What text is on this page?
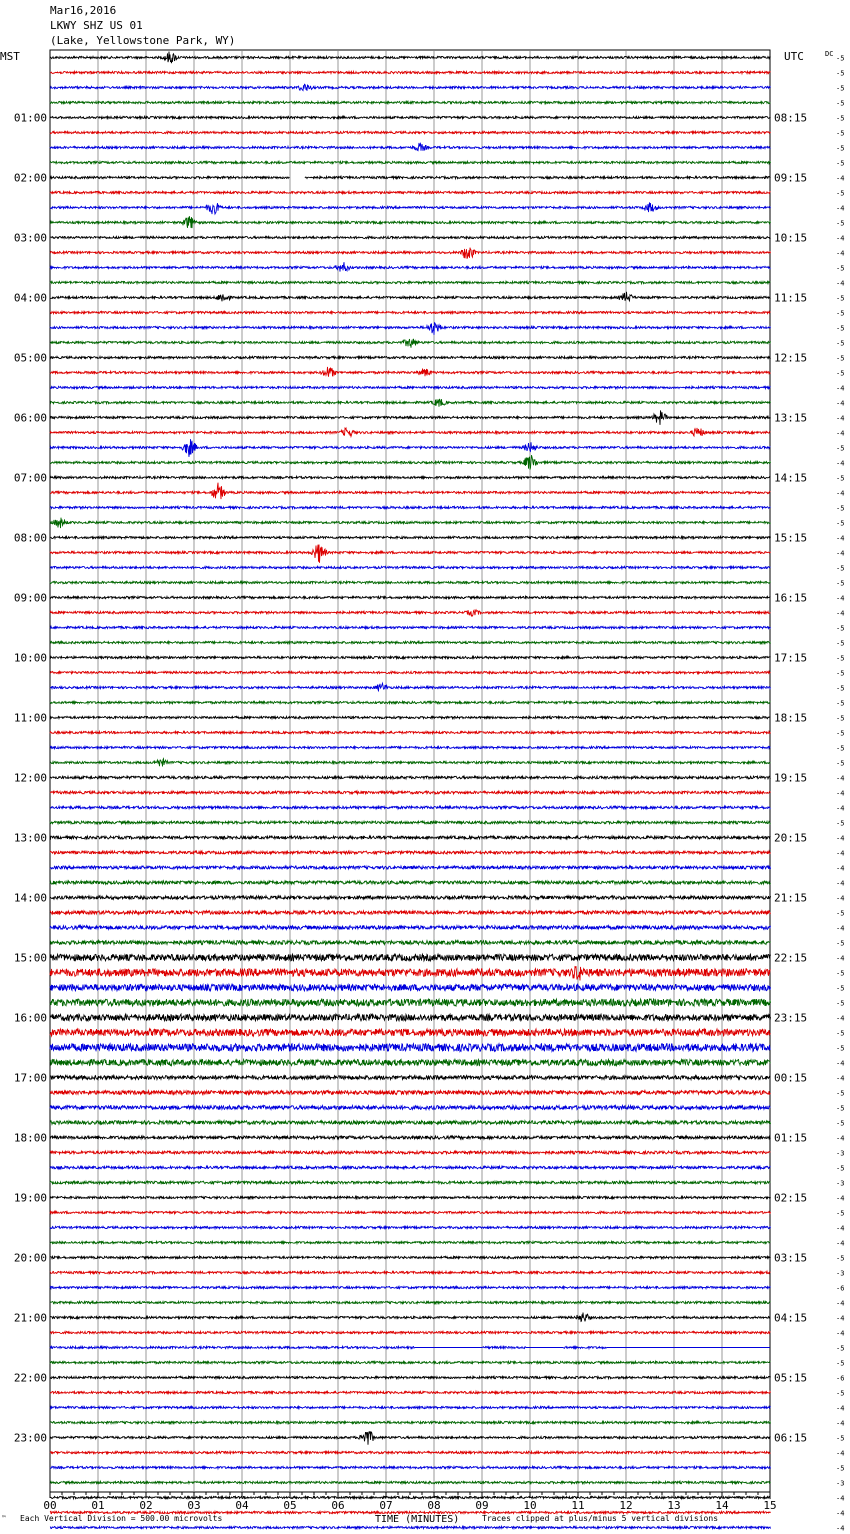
Mar16,2016
LKWY SHZ US 01
(Lake, Yellowstone Park, WY)
MST	UTC	DC
01:00
02:00
03:00
04:00
05:00
06:00
07:00
08:00
09:00
10:00
11:00
12:00
13:00
14:00
15:00
16:00
17:00
18:00
19:00
20:00
21:00
22:00
23:00
08:15
09:15
10:15
11:15
12:15
13:15
14:15
15:15
16:15
17:15
18:15
19:15
20:15
21:15
22:15
23:15
00:15
01:15
02:15
03:15
04:15
05:15
06:15
-5
-5
-5
-5
-5
-5
-5
-5
-4
-5
-4
-5
-4
-4
-5
-4
-5
-5
-5
-5
-5
-5
-4
-4
-4
-4
-5
-4
-5
-4
-5
-5
-4
-4
-5
-5
-4
-4
-5
-5
-5
-5
-5
-5
-5
-5
-5
-5
-4
-4
-4
-5
-4
-4
-4
-4
-4
-5
-4
-5
-4
-5
-5
-5
-4
-5
-5
-4
-4
-5
-5
-5
-4
-3
-5
-3
-4
-5
-4
-4
-5
-3
-6
-4
-4
-4
-5
-5
-6
-5
-4
-4
-5
-4
-5
-3
-4
-4
-4
00	01	02	03	04	05	06	07	08	09	10	11	12	13	14	15
TIME (MINUTES)
™ Each Vertical Division = 500.00 microvolts	Traces clipped at plus/minus 5 vertical divisions
